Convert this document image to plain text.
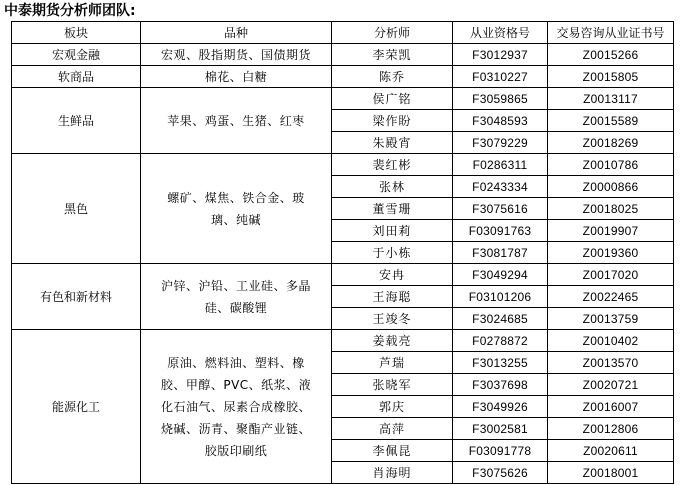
中泰期货分析师团队:
板块	品种	分析师	从业资格号	交易咨询从业证书号
宏观金融	宏观、股指期货、国债期货	李荣凯	F3012937	Z0015266
软商品	棉花、白糖	陈乔	F0310227	Z0015805
生鲜品	苹果、鸡蛋、生猪、红枣	侯广铭	F3059865	Z0013117
		梁作盼	F3048593	Z0015589
		朱殿宵	F3079229	Z0018269
黑色	螺矿、煤焦、铁合金、玻璃、纯碱	裴红彬	F0286311	Z0010786
		张林	F0243334	Z0000866
		董雪珊	F3075616	Z0018025
		刘田莉	F03091763	Z0019907
		于小栋	F3081787	Z0019360
有色和新材料	沪锌、沪铅、工业硅、多晶硅、碳酸锂	安冉	F3049294	Z0017020
		王海聪	F03101206	Z0022465
		王竣冬	F3024685	Z0013759
能源化工	原油、燃料油、塑料、橡胶、甲醇、PVC、纸浆、液化石油气、尿素合成橡胶、烧碱、沥青、聚酯产业链、胶版印刷纸	姜载亮	F0278872	Z0010402
		芦瑞	F3013255	Z0013570
		张晓军	F3037698	Z0020721
		郭庆	F3049926	Z0016007
		高萍	F3002581	Z0012806
		李佩昆	F03091778	Z0020611
		肖海明	F3075626	Z0018001
